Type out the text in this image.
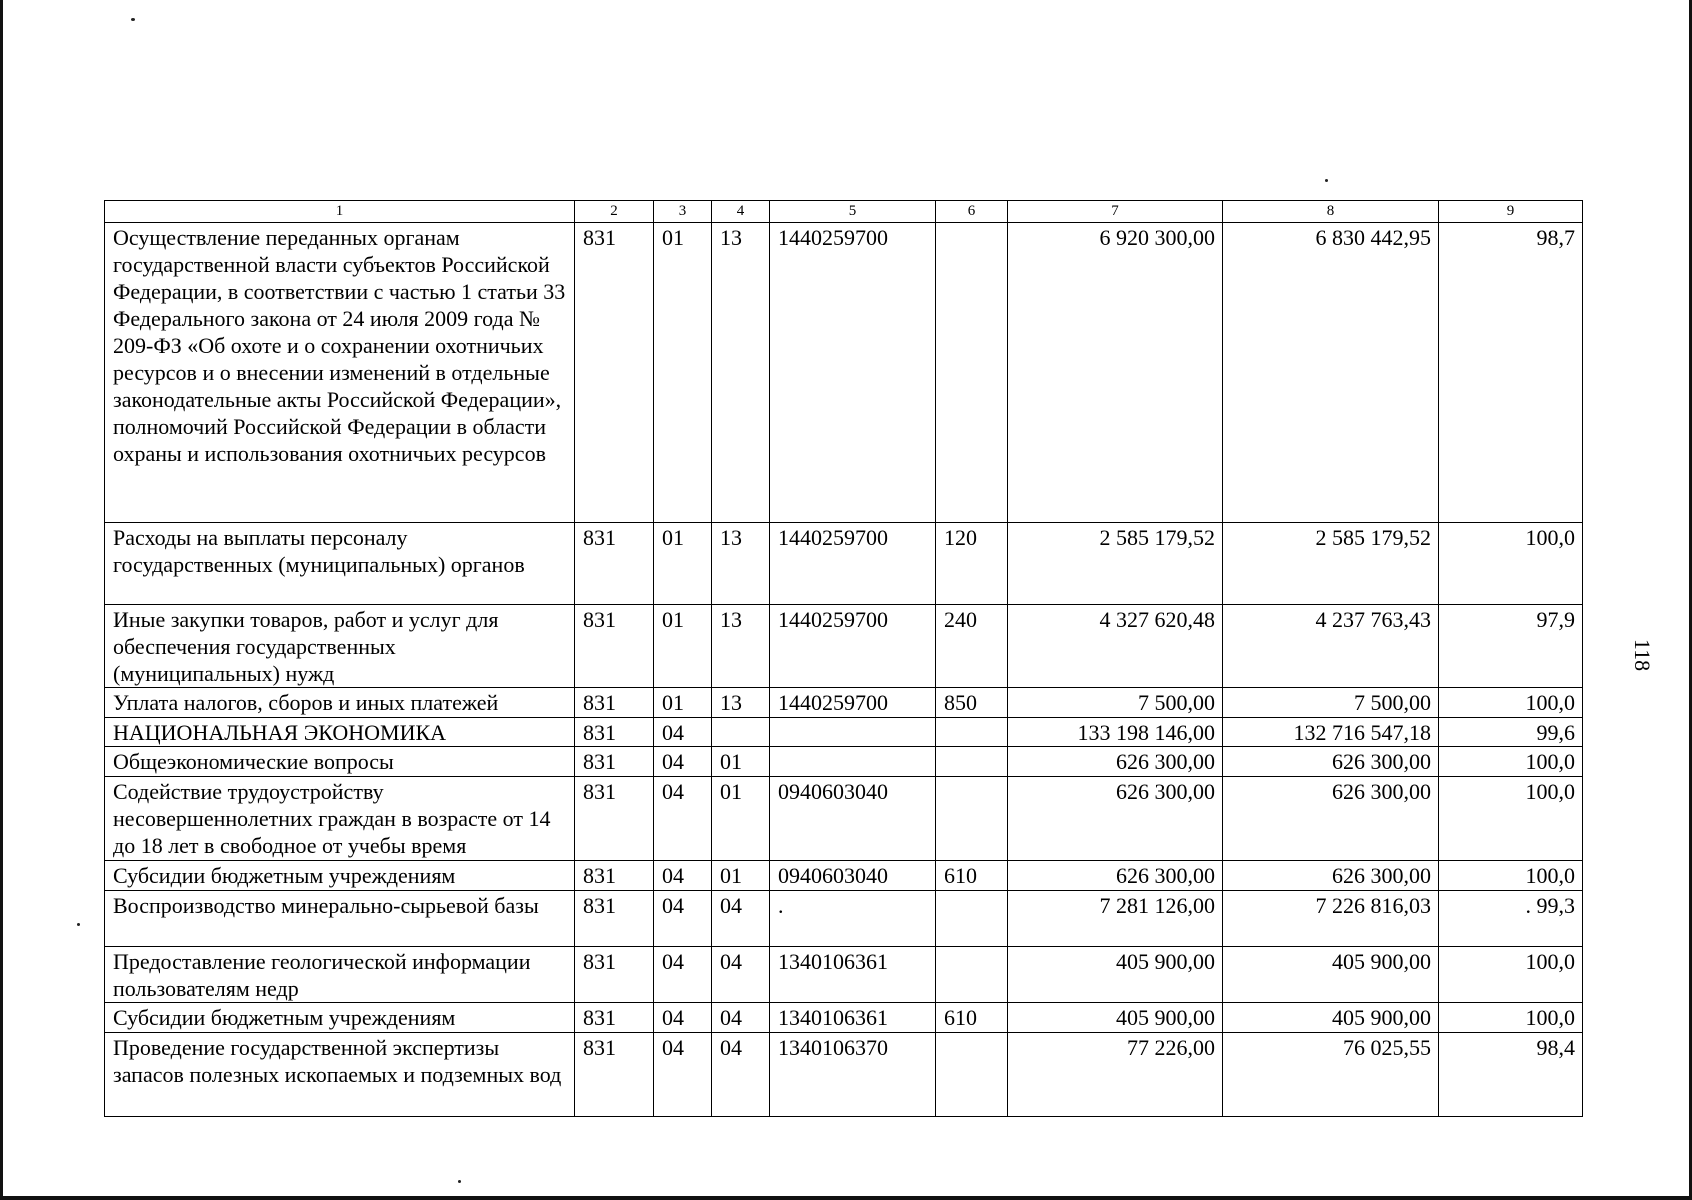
118
1	2	3	4	5	6	7	8	9
Осуществление переданных органам государственной власти субъектов Российской Федерации, в соответствии с частью 1 статьи 33 Федерального закона от 24 июля 2009 года № 209-ФЗ «Об охоте и о сохранении охотничьих ресурсов и о внесении изменений в отдельные законодательные акты Российской Федерации», полномочий Российской Федерации в области охраны и использования охотничьих ресурсов	831	01	13	1440259700		6 920 300,00	6 830 442,95	98,7
Расходы на выплаты персоналу государственных (муниципальных) органов	831	01	13	1440259700	120	2 585 179,52	2 585 179,52	100,0
Иные закупки товаров, работ и услуг для обеспечения государственных (муниципальных) нужд	831	01	13	1440259700	240	4 327 620,48	4 237 763,43	97,9
Уплата налогов, сборов и иных платежей	831	01	13	1440259700	850	7 500,00	7 500,00	100,0
НАЦИОНАЛЬНАЯ ЭКОНОМИКА	831	04				133 198 146,00	132 716 547,18	99,6
Общеэкономические вопросы	831	04	01			626 300,00	626 300,00	100,0
Содействие трудоустройству несовершеннолетних граждан в возрасте от 14 до 18 лет в свободное от учебы время	831	04	01	0940603040		626 300,00	626 300,00	100,0
Субсидии бюджетным учреждениям	831	04	01	0940603040	610	626 300,00	626 300,00	100,0
Воспроизводство минерально-сырьевой базы	831	04	04	.		7 281 126,00	7 226 816,03	. 99,3
Предоставление геологической информации пользователям недр	831	04	04	1340106361		405 900,00	405 900,00	100,0
Субсидии бюджетным учреждениям	831	04	04	1340106361	610	405 900,00	405 900,00	100,0
Проведение государственной экспертизы запасов полезных ископаемых и подземных вод	831	04	04	1340106370		77 226,00	76 025,55	98,4
